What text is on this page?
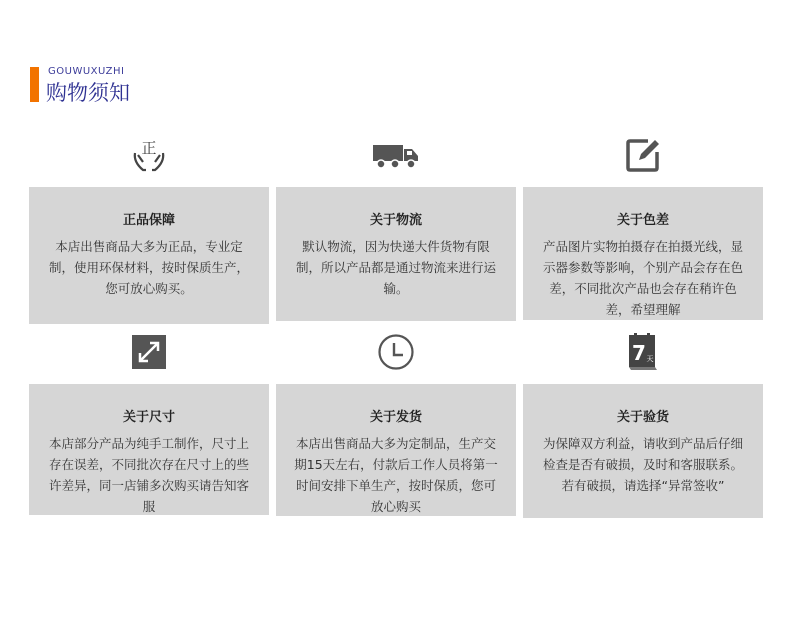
GOUWUXUZHI
购物须知
正
正品保障
本店出售商品大多为正品，专业定制，使用环保材料，按时保质生产，您可放心购买。
关于物流
默认物流，因为快递大件货物有限制，所以产品都是通过物流来进行运输。
关于色差
产品图片实物拍摄存在拍摄光线，显示器参数等影响，个别产品会存在色差，不同批次产品也会存在稍许色差，希望理解
关于尺寸
本店部分产品为纯手工制作，尺寸上存在误差，不同批次存在尺寸上的些许差异，同一店铺多次购买请告知客服
关于发货
本店出售商品大多为定制品，生产交期15天左右，付款后工作人员将第一时间安排下单生产，按时保质，您可放心购买
7 天
关于验货
为保障双方利益，请收到产品后仔细检查是否有破损，及时和客服联系。若有破损，请选择“异常签收”
